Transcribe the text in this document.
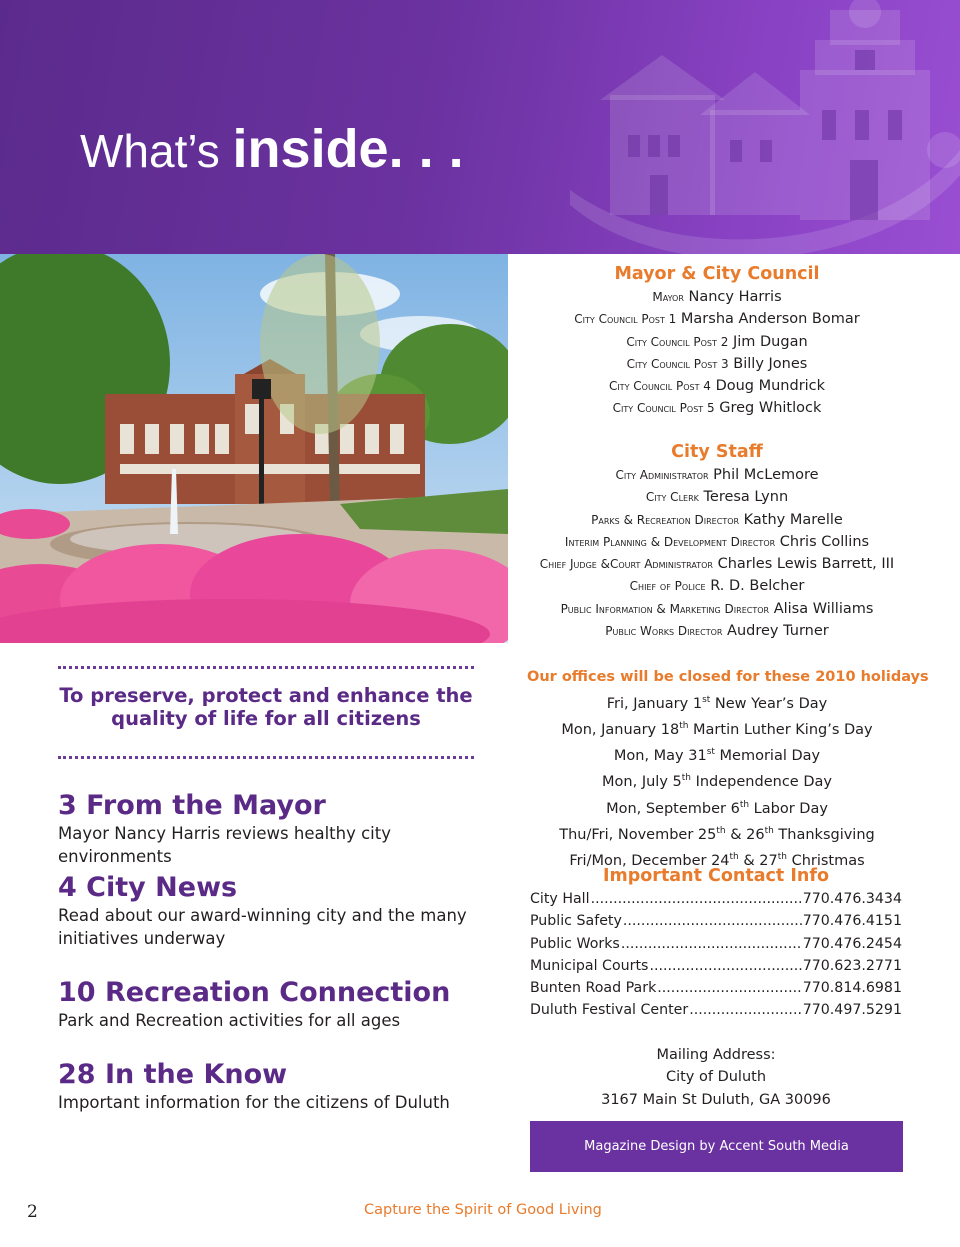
What’s inside. . .
To preserve, protect and enhance the
quality of life for all citizens
3 From the Mayor
Mayor Nancy Harris reviews healthy city environments
4 City News
Read about our award-winning city and the many
initiatives underway
10 Recreation Connection
Park and Recreation activities for all ages
28 In the Know
Important information for the citizens of Duluth
Mayor & City Council
Mayor Nancy Harris
City Council Post 1 Marsha Anderson Bomar
City Council Post 2 Jim Dugan
City Council Post 3 Billy Jones
City Council Post 4 Doug Mundrick
City Council Post 5 Greg Whitlock
City Staff
City Administrator Phil McLemore
City Clerk Teresa Lynn
Parks & Recreation Director Kathy Marelle
Interim Planning & Development Director Chris Collins
Chief Judge &Court Administrator Charles Lewis Barrett, III
Chief of Police R. D. Belcher
Public Information & Marketing Director Alisa Williams
Public Works Director Audrey Turner
Our offices will be closed for these 2010 holidays
Fri, January 1st New Year’s Day
Mon, January 18th Martin Luther King’s Day
Mon, May 31st Memorial Day
Mon, July 5th Independence Day
Mon, September 6th Labor Day
Thu/Fri, November 25th & 26th Thanksgiving
Fri/Mon, December 24th & 27th Christmas
Important Contact Info
City Hall .....	770.476.3434
Public Safety .....	770.476.4151
Public Works .....	770.476.2454
Municipal Courts .....	770.623.2771
Bunten Road Park .....	770.814.6981
Duluth Festival Center .....	770.497.5291
Mailing Address:
City of Duluth
3167 Main St Duluth, GA 30096
Magazine Design by Accent South Media
2	Capture the Spirit of Good Living
